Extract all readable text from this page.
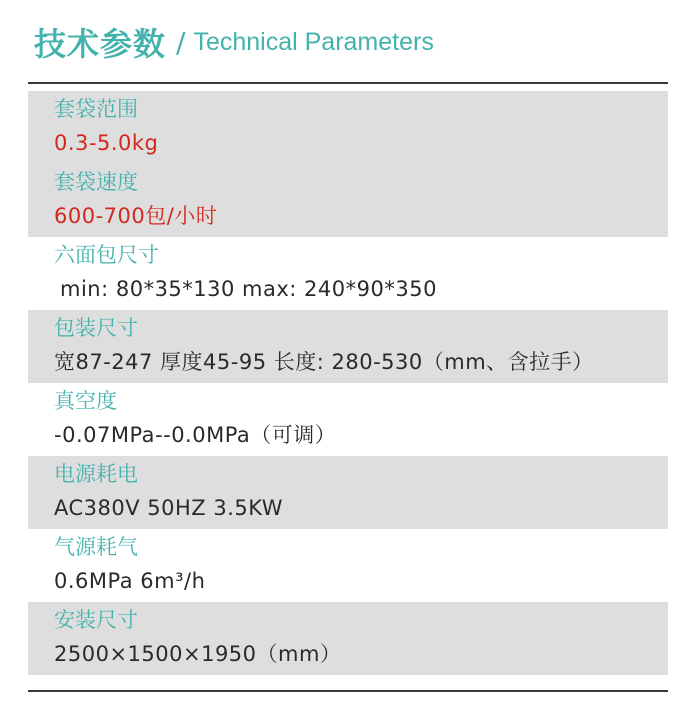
技术参数 / Technical Parameters
套袋范围
0.3-5.0kg
套袋速度
600-700包/小时
六面包尺寸
min: 80*35*130 max: 240*90*350
包装尺寸
宽87-247 厚度45-95 长度: 280-530（mm、含拉手）
真空度
-0.07MPa--0.0MPa（可调）
电源耗电
AC380V 50HZ 3.5KW
气源耗气
0.6MPa 6m³/h
安装尺寸
2500×1500×1950（mm）
